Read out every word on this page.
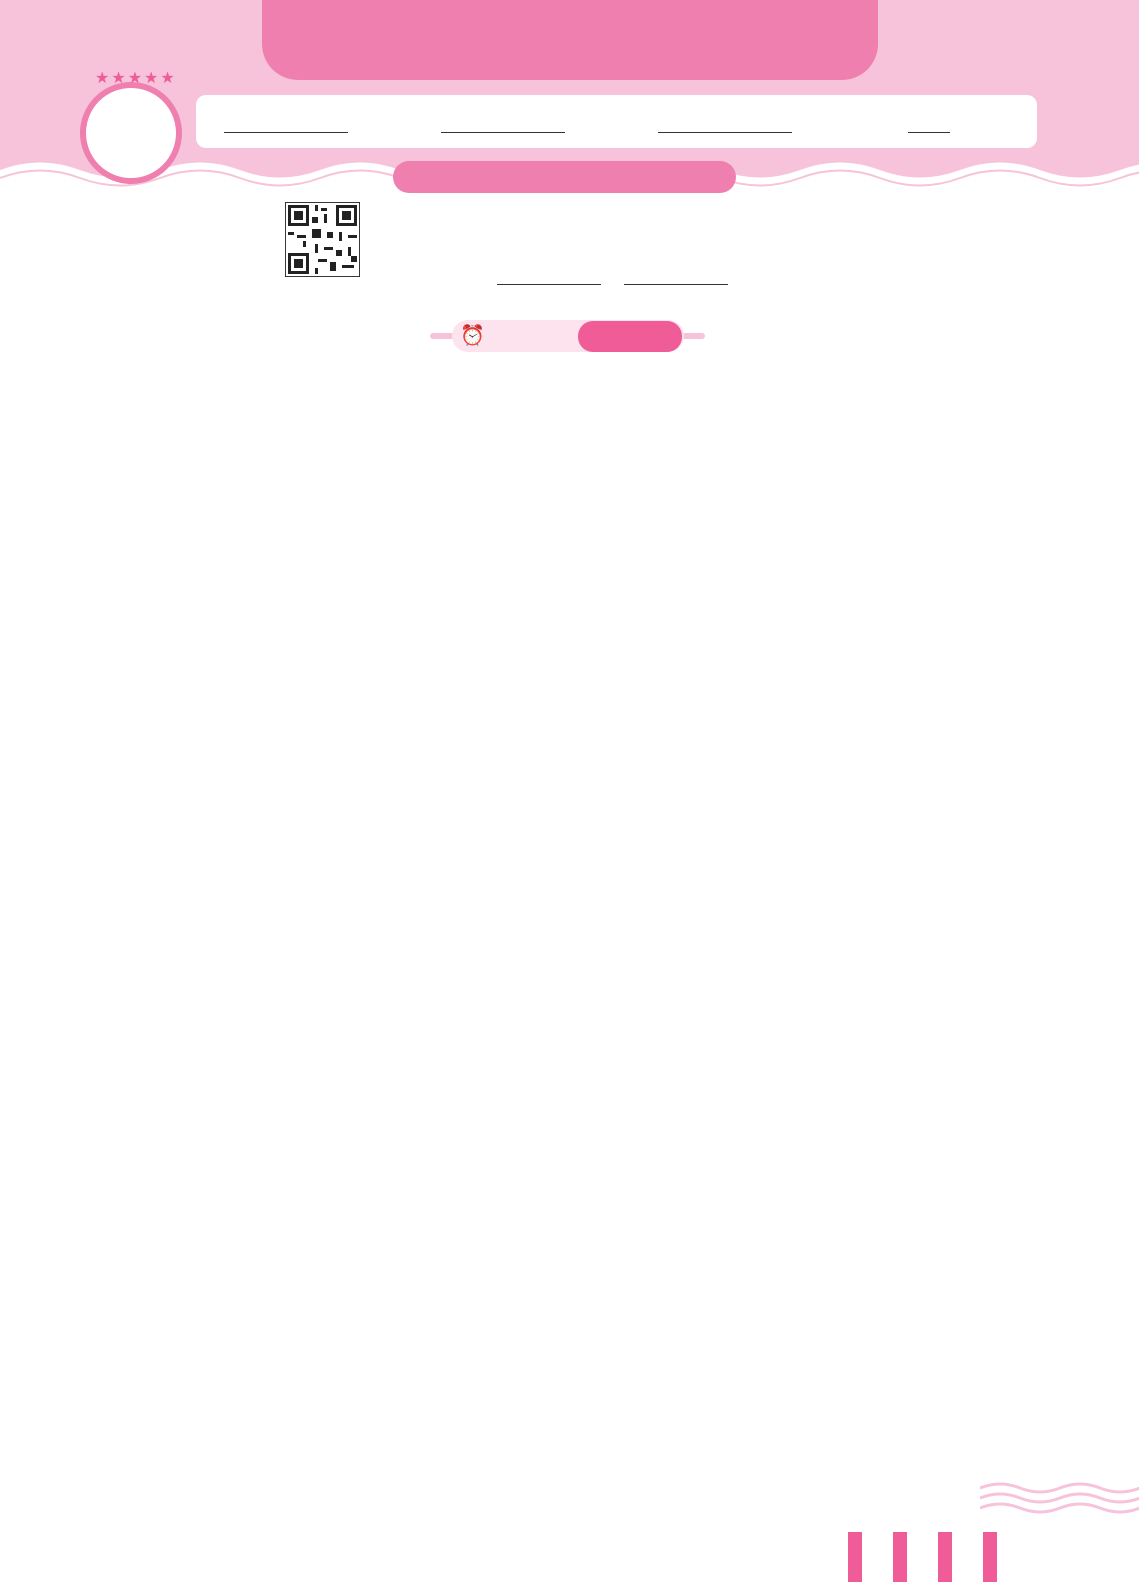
★★★★★

⏰
